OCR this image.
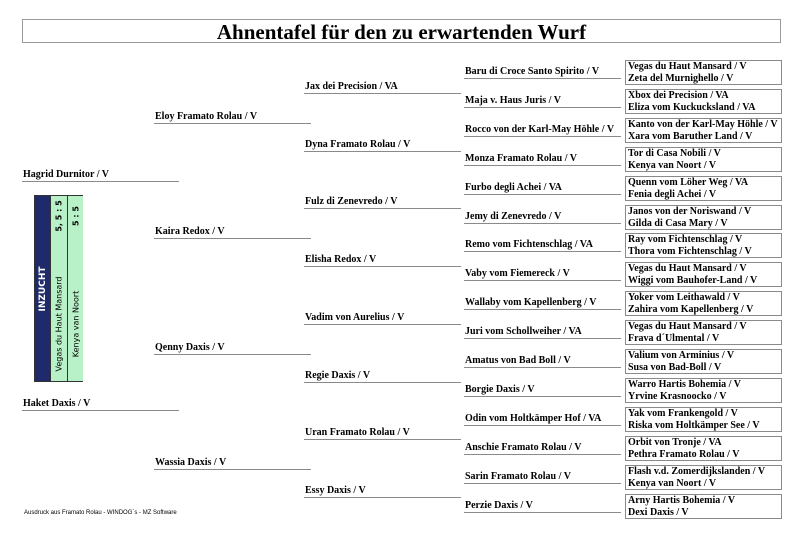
Ahnentafel für den zu erwartenden Wurf
Hagrid Durnitor / V
Haket Daxis / V
Eloy Framato Rolau / V
Kaira Redox / V
Qenny Daxis / V
Wassia Daxis / V
Jax dei Precision / VA
Dyna Framato Rolau / V
Fulz di Zenevredo / V
Elisha Redox / V
Vadim von Aurelius / V
Regie Daxis / V
Uran Framato Rolau / V
Essy Daxis / V
Baru di Croce Santo Spirito / V
Maja v. Haus Juris / V
Rocco von der Karl-May Höhle / V
Monza Framato Rolau / V
Furbo degli Achei / VA
Jemy di Zenevredo / V
Remo vom Fichtenschlag / VA
Vaby vom Fiemereck / V
Wallaby vom Kapellenberg / V
Juri vom Schollweiher / VA
Amatus von Bad Boll / V
Borgie Daxis / V
Odin vom Holtkämper Hof / VA
Anschie Framato Rolau / V
Sarin Framato Rolau / V
Perzie Daxis / V
Vegas du Haut Mansard / V
Zeta del Murnighello / V
Xbox dei Precision / VA
Eliza vom Kuckucksland / VA
Kanto von der Karl-May Höhle / V
Xara vom Baruther Land / V
Tor di Casa Nobili / V
Kenya van Noort / V
Quenn vom Löher Weg / VA
Fenia degli Achei / V
Janos von der Noriswand / V
Gilda di Casa Mary / V
Ray vom Fichtenschlag / V
Thora vom Fichtenschlag / V
Vegas du Haut Mansard / V
Wiggi vom Bauhofer-Land / V
Yoker vom Leithawald / V
Zahira vom Kapellenberg / V
Vegas du Haut Mansard / V
Frava d´Ulmental / V
Valium von Arminius / V
Susa von Bad-Boll / V
Warro Hartis Bohemia / V
Yrvine Krasnoocko / V
Yak vom Frankengold / V
Riska vom Holtkämper See / V
Orbit von Tronje / VA
Pethra Framato Rolau / V
Flash v.d. Zomerdijkslanden / V
Kenya van Noort / V
Arny Hartis Bohemia / V
Dexi Daxis / V
INZUCHT Vegas du Haut Mansard
5, 5 : 5
Kenya van Noort
5 : 5
Ausdruck aus Framato Rolau - WINDOG´s - MZ Software
